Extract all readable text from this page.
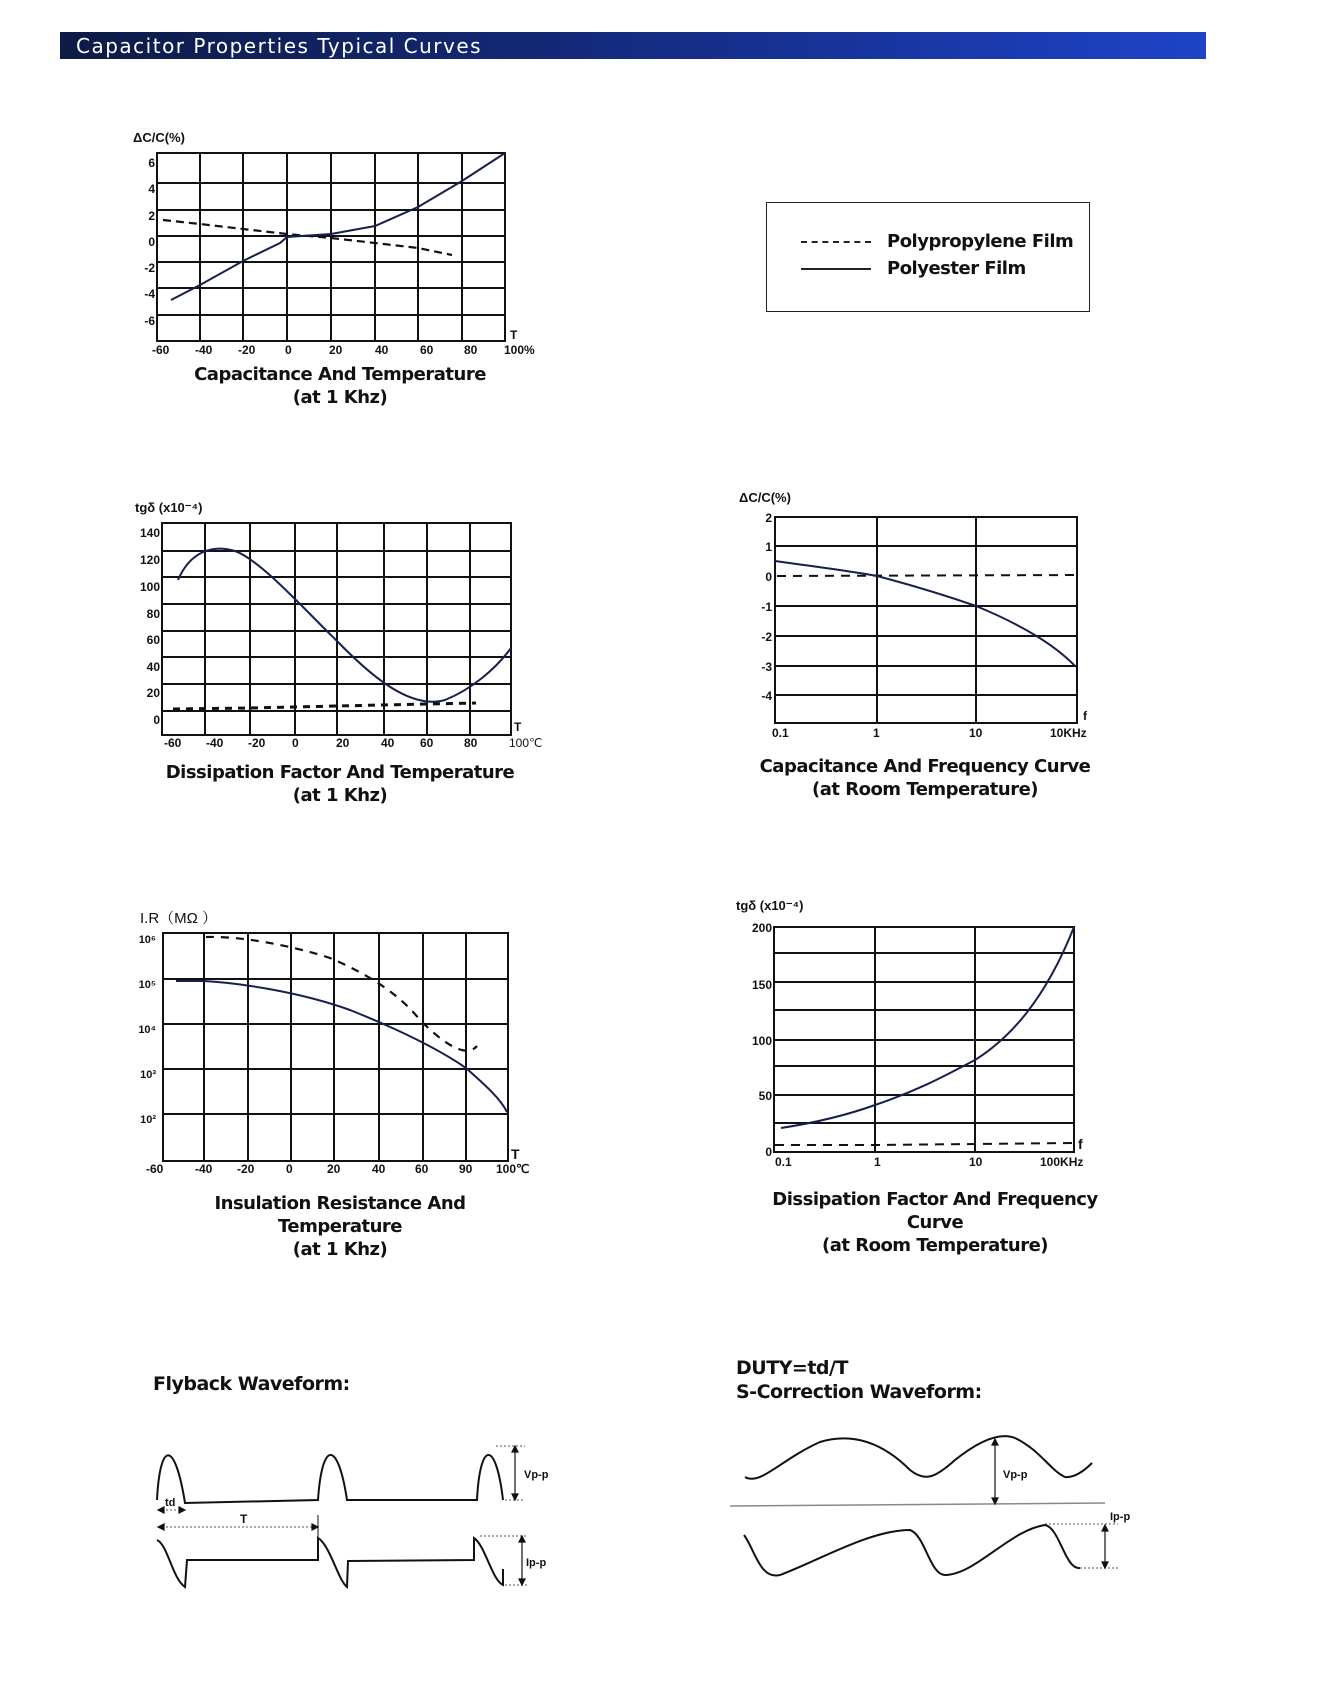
Capacitor Properties Typical Curves
ΔC/C(%)
6
4
2
0
-2
-4
-6
-60 -40 -20 0	20	40	60	80 100%
T
Capacitance And Temperature
(at 1 Khz)
Polypropylene Film
Polyester Film
tgδ (x10⁻⁴)
140
120
100
80
60
40
20
0
-60 -40 -20 0	20	40 60	80	100℃
T
Dissipation Factor And Temperature
(at 1 Khz)
ΔC/C(%)
2
1
0
-1
-2
-3
-4
0.1	1	10	10KHz
f
Capacitance And Frequency Curve
(at Room Temperature)
I.R（MΩ ）
10⁶
10⁵
10⁴
10³
10²
-60	-40 -20	0	20	40 60	90 100℃
T
Insulation Resistance And Temperature
(at 1 Khz)
tgδ (x10⁻⁴)
200
150
100
50
0
0.1	1	10	100KHz
f
Dissipation Factor And Frequency Curve
(at Room Temperature)
Flyback Waveform:
td
T
Vp-p
Ip-p
DUTY=td/T
S-Correction Waveform:
Vp-p
Ip-p
